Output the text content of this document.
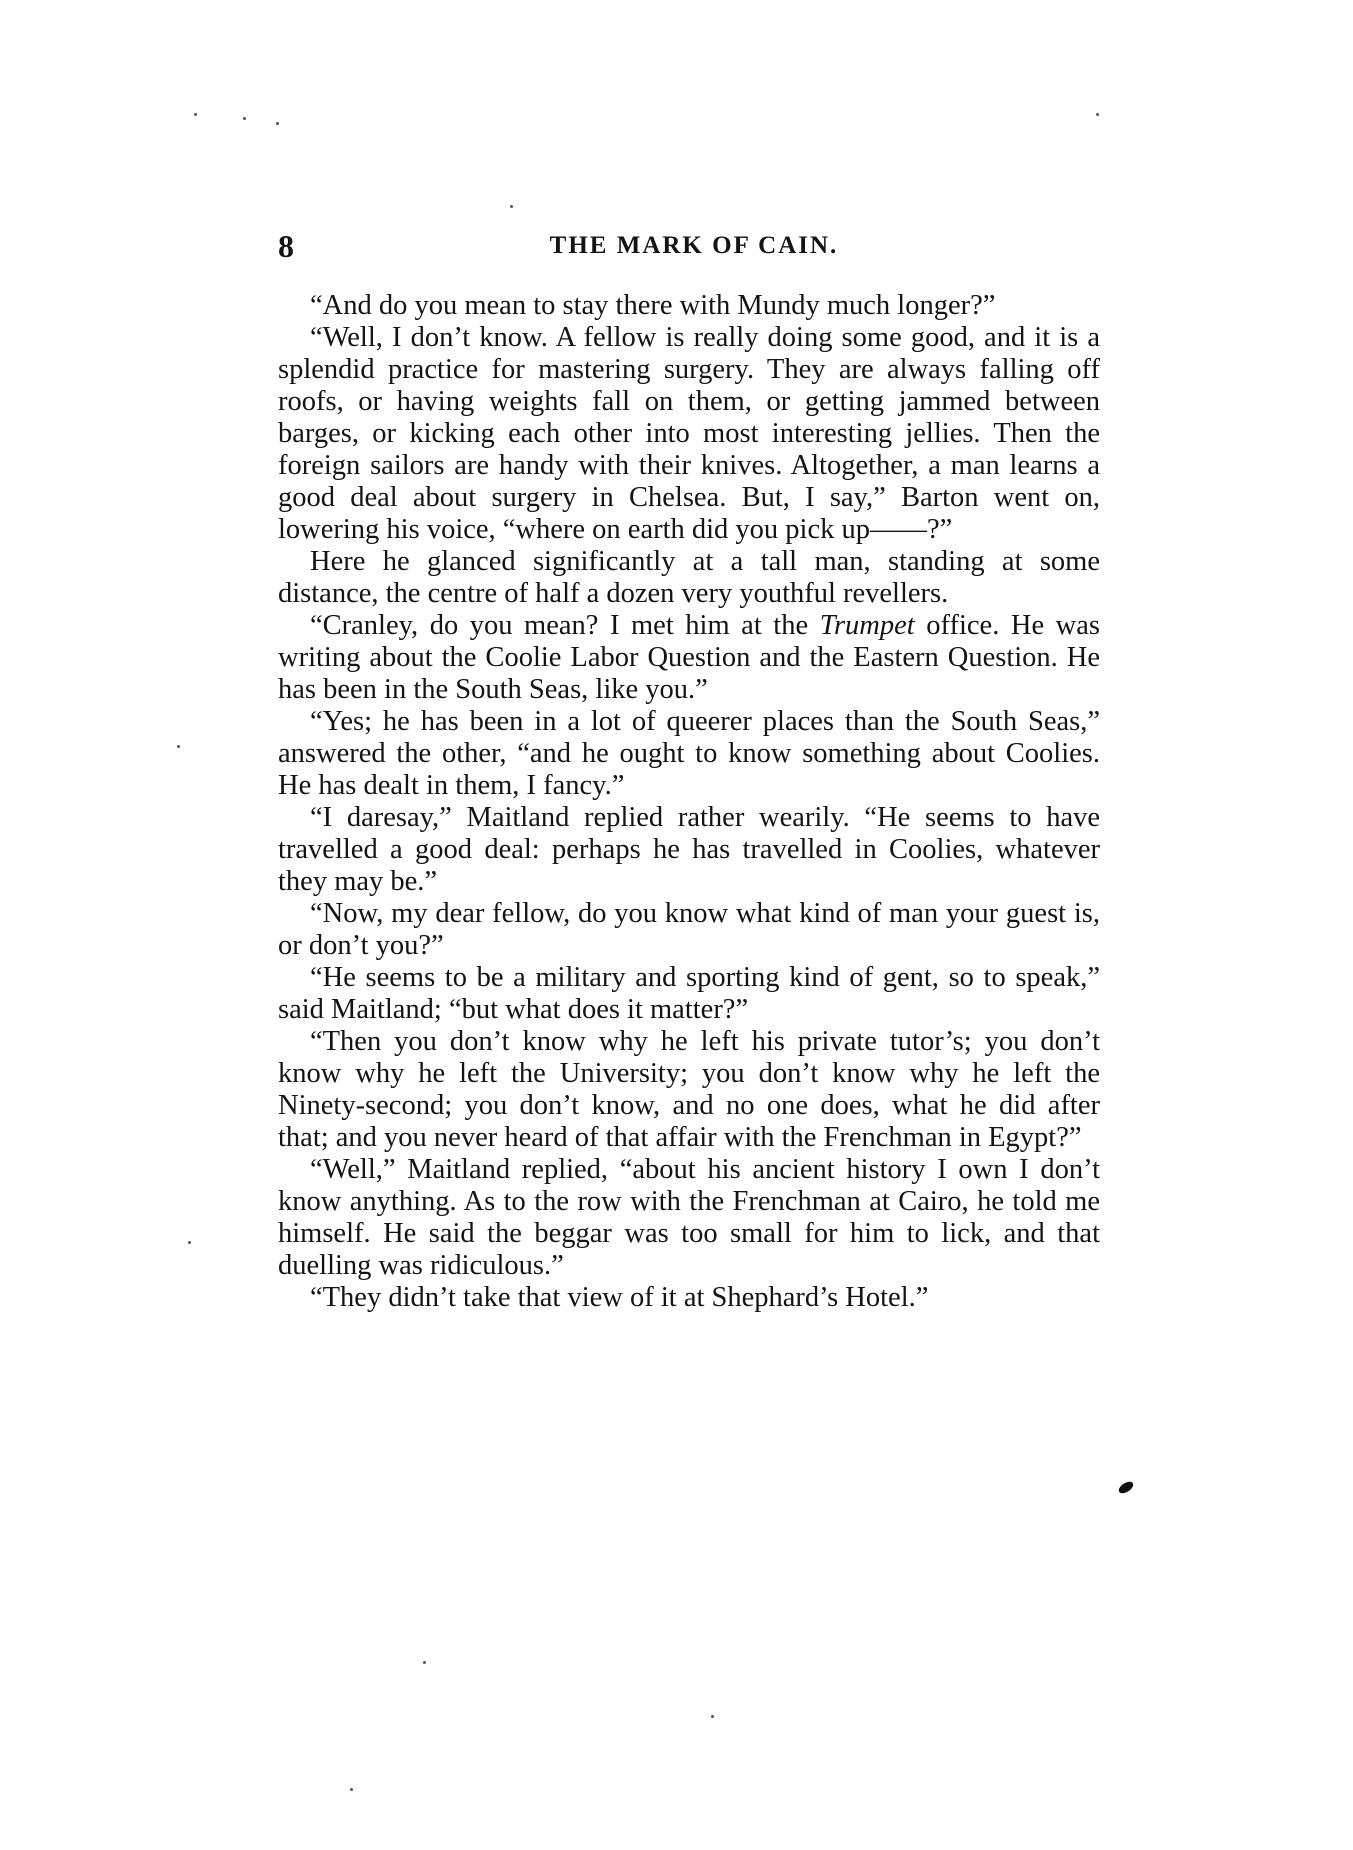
8	THE MARK OF CAIN.

“And do you mean to stay there with Mundy much longer?”

“Well, I don’t know. A fellow is really doing some good, and it is a splendid practice for mastering surgery. They are always falling off roofs, or having weights fall on them, or getting jammed between barges, or kicking each other into most interesting jellies. Then the foreign sailors are handy with their knives. Altogether, a man learns a good deal about surgery in Chelsea. But, I say,” Barton went on, lowering his voice, “where on earth did you pick up——?”

Here he glanced significantly at a tall man, standing at some distance, the centre of half a dozen very youthful revellers.

“Cranley, do you mean? I met him at the Trumpet office. He was writing about the Coolie Labor Question and the Eastern Question. He has been in the South Seas, like you.”

“Yes; he has been in a lot of queerer places than the South Seas,” answered the other, “and he ought to know something about Coolies. He has dealt in them, I fancy.”

“I daresay,” Maitland replied rather wearily. “He seems to have travelled a good deal: perhaps he has travelled in Coolies, whatever they may be.”

“Now, my dear fellow, do you know what kind of man your guest is, or don’t you?”

“He seems to be a military and sporting kind of gent, so to speak,” said Maitland; “but what does it matter?”

“Then you don’t know why he left his private tutor’s; you don’t know why he left the University; you don’t know why he left the Ninety-second; you don’t know, and no one does, what he did after that; and you never heard of that affair with the Frenchman in Egypt?”

“Well,” Maitland replied, “about his ancient history I own I don’t know anything. As to the row with the Frenchman at Cairo, he told me himself. He said the beggar was too small for him to lick, and that duelling was ridiculous.”

“They didn’t take that view of it at Shephard’s Hotel.”
